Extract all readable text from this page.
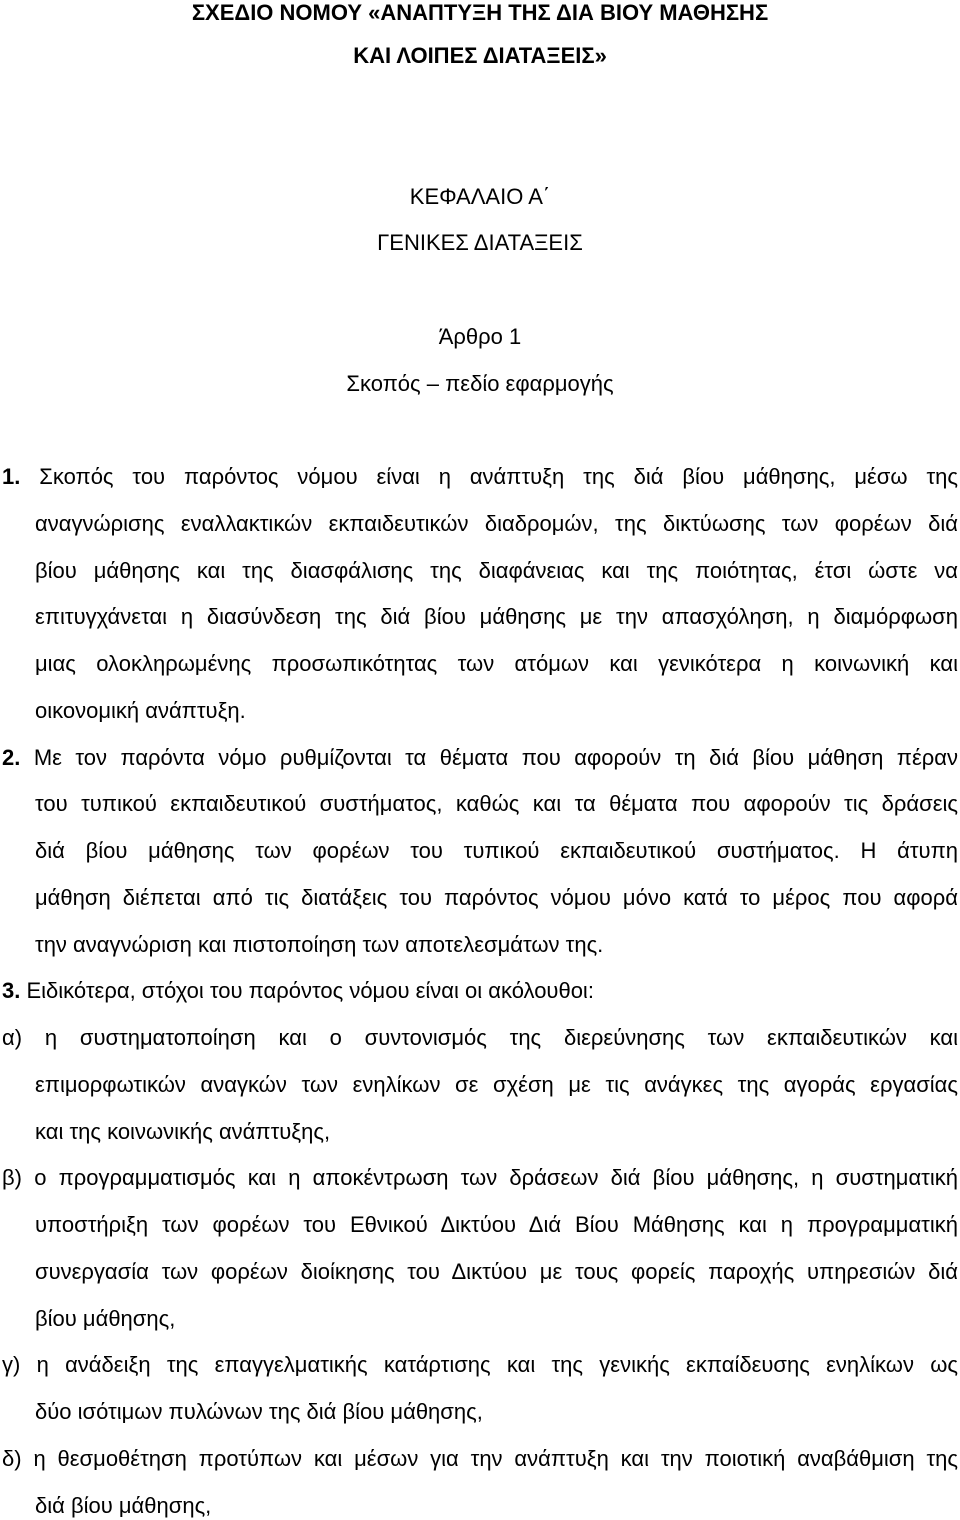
ΣΧΕΔΙΟ ΝΟΜΟΥ «ΑΝΑΠΤΥΞΗ ΤΗΣ ΔΙΑ ΒΙΟΥ ΜΑΘΗΣΗΣ
ΚΑΙ ΛΟΙΠΕΣ ΔΙΑΤΑΞΕΙΣ»
ΚΕΦΑΛΑΙΟ Α΄
ΓΕΝΙΚΕΣ ΔΙΑΤΑΞΕΙΣ
Άρθρο 1
Σκοπός – πεδίο εφαρμογής
1. Σκοπός του παρόντος νόμου είναι η ανάπτυξη της διά βίου μάθησης, μέσω της
αναγνώρισης εναλλακτικών εκπαιδευτικών διαδρομών, της δικτύωσης των φορέων διά
βίου μάθησης και της διασφάλισης της διαφάνειας και της ποιότητας, έτσι ώστε να
επιτυγχάνεται η διασύνδεση της διά βίου μάθησης με την απασχόληση, η διαμόρφωση
μιας ολοκληρωμένης προσωπικότητας των ατόμων και γενικότερα η κοινωνική και
οικονομική ανάπτυξη.
2. Με τον παρόντα νόμο ρυθμίζονται τα θέματα που αφορούν τη διά βίου μάθηση πέραν
του τυπικού εκπαιδευτικού συστήματος, καθώς και τα θέματα που αφορούν τις δράσεις
διά βίου μάθησης των φορέων του τυπικού εκπαιδευτικού συστήματος. Η άτυπη
μάθηση διέπεται από τις διατάξεις του παρόντος νόμου μόνο κατά το μέρος που αφορά
την αναγνώριση και πιστοποίηση των αποτελεσμάτων της.
3. Ειδικότερα, στόχοι του παρόντος νόμου είναι οι ακόλουθοι:
α) η συστηματοποίηση και ο συντονισμός της διερεύνησης των εκπαιδευτικών και
επιμορφωτικών αναγκών των ενηλίκων σε σχέση με τις ανάγκες της αγοράς εργασίας
και της κοινωνικής ανάπτυξης,
β) ο προγραμματισμός και η αποκέντρωση των δράσεων διά βίου μάθησης, η συστηματική
υποστήριξη των φορέων του Εθνικού Δικτύου Διά Βίου Μάθησης και η προγραμματική
συνεργασία των φορέων διοίκησης του Δικτύου με τους φορείς παροχής υπηρεσιών διά
βίου μάθησης,
γ) η ανάδειξη της επαγγελματικής κατάρτισης και της γενικής εκπαίδευσης ενηλίκων ως
δύο ισότιμων πυλώνων της διά βίου μάθησης,
δ) η θεσμοθέτηση προτύπων και μέσων για την ανάπτυξη και την ποιοτική αναβάθμιση της
διά βίου μάθησης,
